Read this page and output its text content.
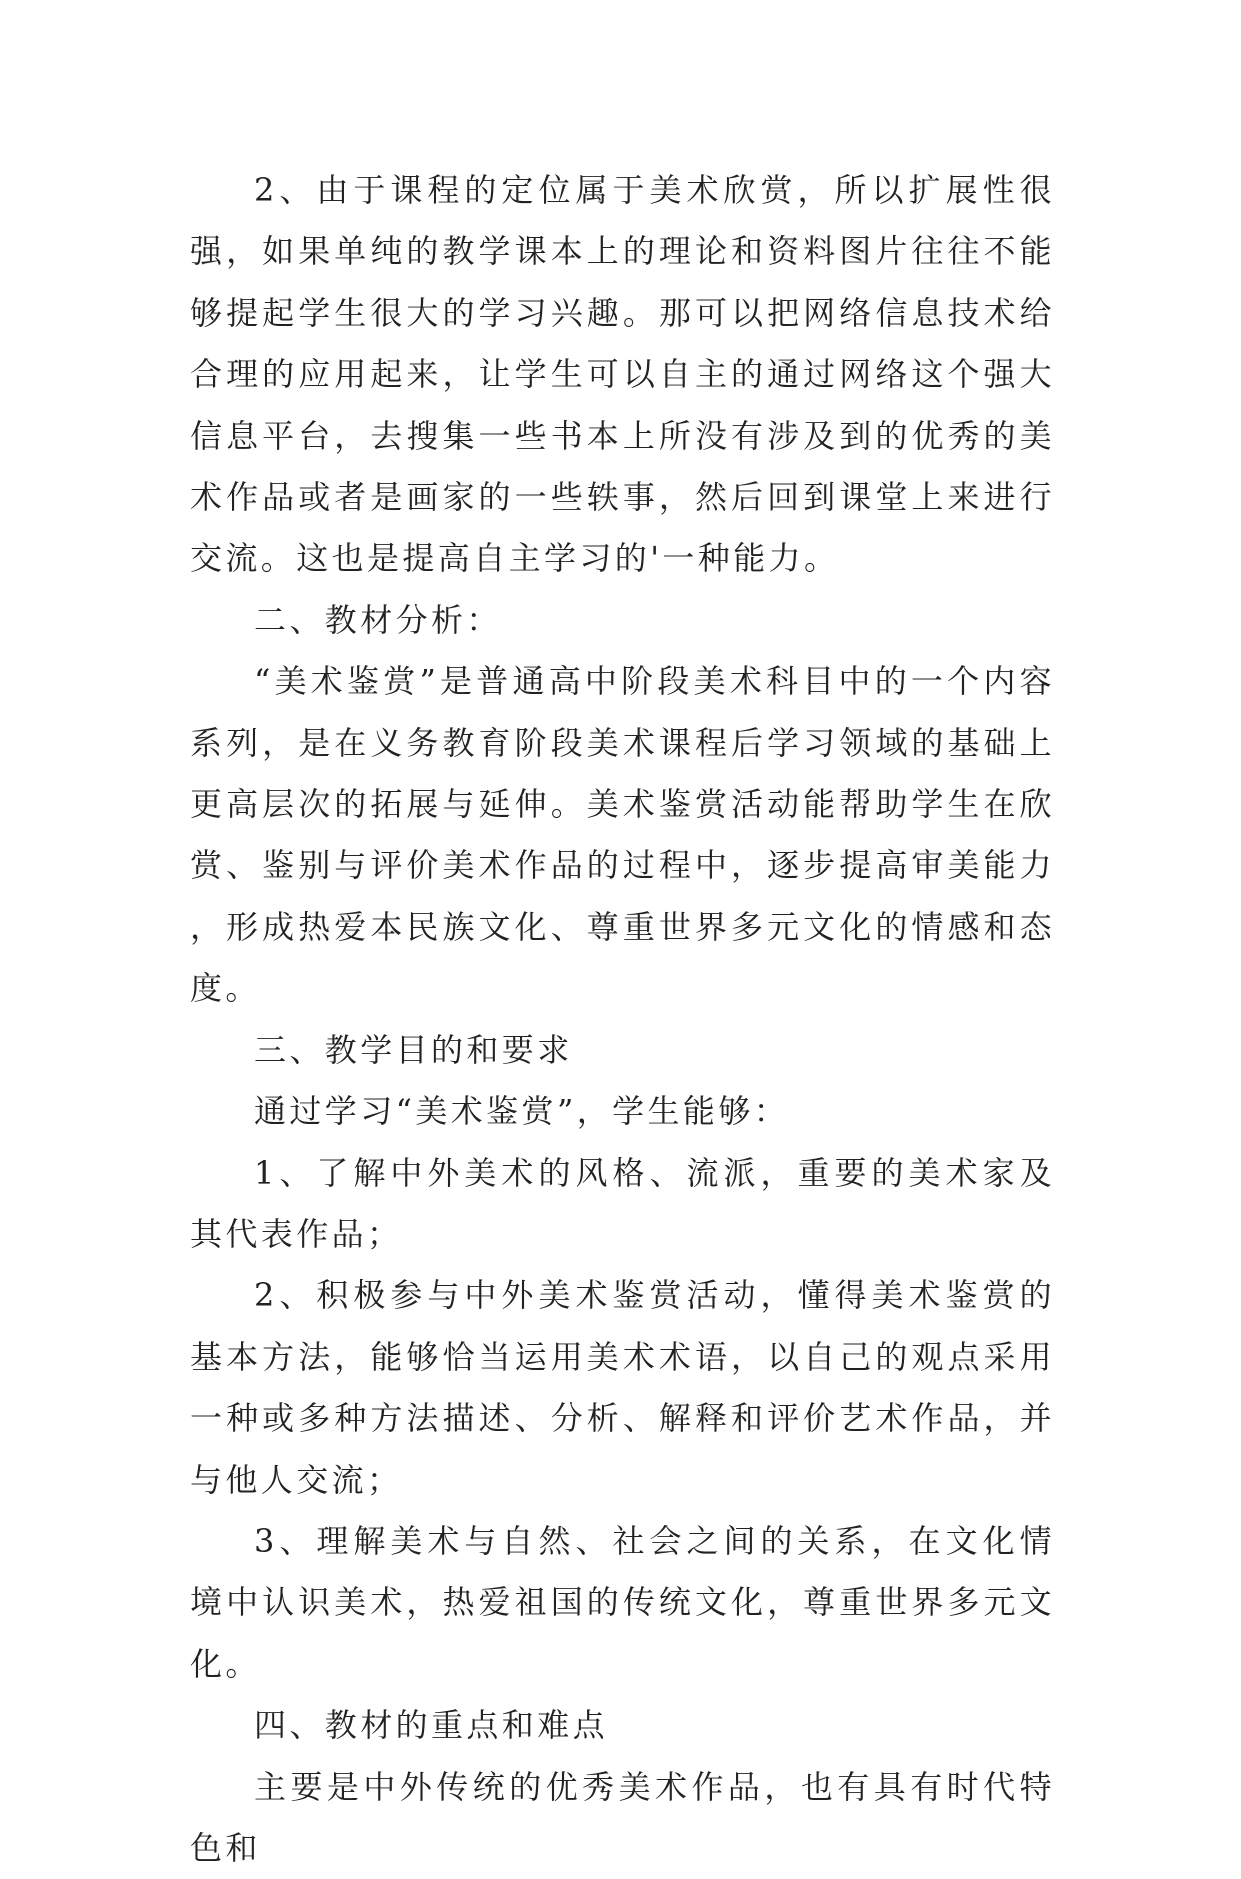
2、由于课程的定位属于美术欣赏，所以扩展性很强，如果单纯的教学课本上的理论和资料图片往往不能够提起学生很大的学习兴趣。那可以把网络信息技术给合理的应用起来，让学生可以自主的通过网络这个强大信息平台，去搜集一些书本上所没有涉及到的优秀的美术作品或者是画家的一些轶事，然后回到课堂上来进行交流。这也是提高自主学习的'一种能力。

二、教材分析：

“美术鉴赏”是普通高中阶段美术科目中的一个内容系列，是在义务教育阶段美术课程后学习领域的基础上更高层次的拓展与延伸。美术鉴赏活动能帮助学生在欣赏、鉴别与评价美术作品的过程中，逐步提高审美能力，形成热爱本民族文化、尊重世界多元文化的情感和态度。

三、教学目的和要求

通过学习“美术鉴赏”，学生能够：

1、了解中外美术的风格、流派，重要的美术家及其代表作品；

2、积极参与中外美术鉴赏活动，懂得美术鉴赏的基本方法，能够恰当运用美术术语，以自己的观点采用一种或多种方法描述、分析、解释和评价艺术作品，并与他人交流；

3、理解美术与自然、社会之间的关系，在文化情境中认识美术，热爱祖国的传统文化，尊重世界多元文化。

四、教材的重点和难点

主要是中外传统的优秀美术作品，也有具有时代特色和
